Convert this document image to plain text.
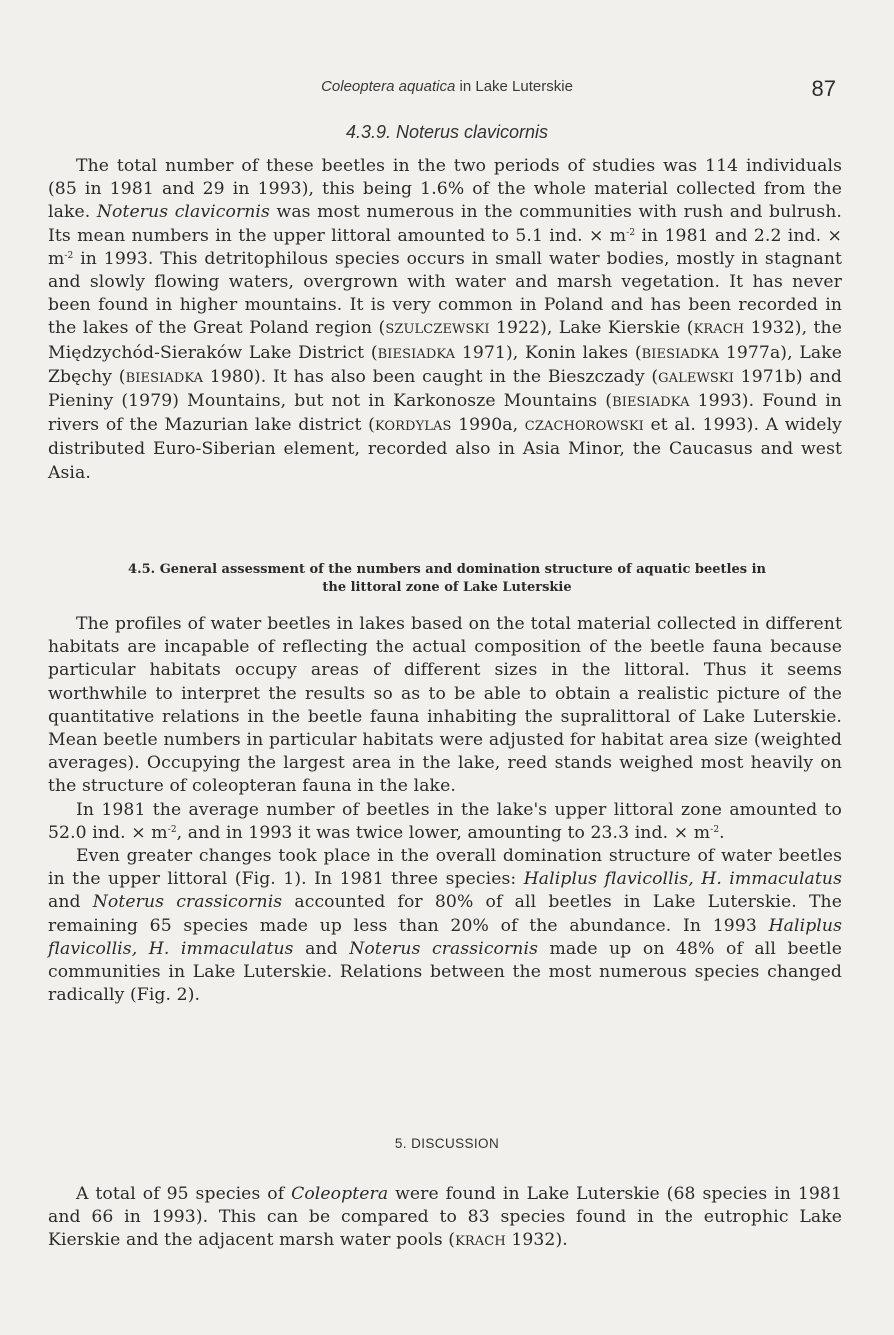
Coleoptera aquatica in Lake Luterskie	87
4.3.9. Noterus clavicornis

The total number of these beetles in the two periods of studies was 114 individuals (85 in 1981 and 29 in 1993), this being 1.6% of the whole material collected from the lake. Noterus clavicornis was most numerous in the communities with rush and bulrush. Its mean numbers in the upper littoral amounted to 5.1 ind. × $m^{-2}$ in 1981 and 2.2 ind. × $m^{-2}$ in 1993. This detritophilous species occurs in small water bodies, mostly in stagnant and slowly flowing waters, overgrown with water and marsh vegetation. It has never been found in higher mountains. It is very common in Poland and has been recorded in the lakes of the Great Poland region (SZULCZEWSKI 1922), Lake Kierskie (KRACH 1932), the Międzychód-Sieraków Lake District (BIESIADKA 1971), Konin lakes (BIESIADKA 1977a), Lake Zbęchy (BIESIADKA 1980). It has also been caught in the Bieszczady (GALEWSKI 1971b) and Pieniny (1979) Mountains, but not in Karkonosze Mountains (BIESIADKA 1993). Found in rivers of the Mazurian lake district (KORDYLAS 1990a, CZACHOROWSKI et al. 1993). A widely distributed Euro-Siberian element, recorded also in Asia Minor, the Caucasus and west Asia.

4.5. General assessment of the numbers and domination structure of aquatic beetles in
the littoral zone of Lake Luterskie

The profiles of water beetles in lakes based on the total material collected in different habitats are incapable of reflecting the actual composition of the beetle fauna because particular habitats occupy areas of different sizes in the littoral. Thus it seems worthwhile to interpret the results so as to be able to obtain a realistic picture of the quantitative relations in the beetle fauna inhabiting the supralittoral of Lake Luterskie. Mean beetle numbers in particular habitats were adjusted for habitat area size (weighted averages). Occupying the largest area in the lake, reed stands weighed most heavily on the structure of coleopteran fauna in the lake.

In 1981 the average number of beetles in the lake's upper littoral zone amounted to 52.0 ind. × $m^{-2}$, and in 1993 it was twice lower, amounting to 23.3 ind. × $m^{-2}$.

Even greater changes took place in the overall domination structure of water beetles in the upper littoral (Fig. 1). In 1981 three species: Haliplus flavicollis, H. immaculatus and Noterus crassicornis accounted for 80% of all beetles in Lake Luterskie. The remaining 65 species made up less than 20% of the abundance. In 1993 Haliplus flavicollis, H. immaculatus and Noterus crassicornis made up on 48% of all beetle communities in Lake Luterskie. Relations between the most numerous species changed radically (Fig. 2).

5. DISCUSSION

A total of 95 species of Coleoptera were found in Lake Luterskie (68 species in 1981 and 66 in 1993). This can be compared to 83 species found in the eutrophic Lake Kierskie and the adjacent marsh water pools (KRACH 1932).
